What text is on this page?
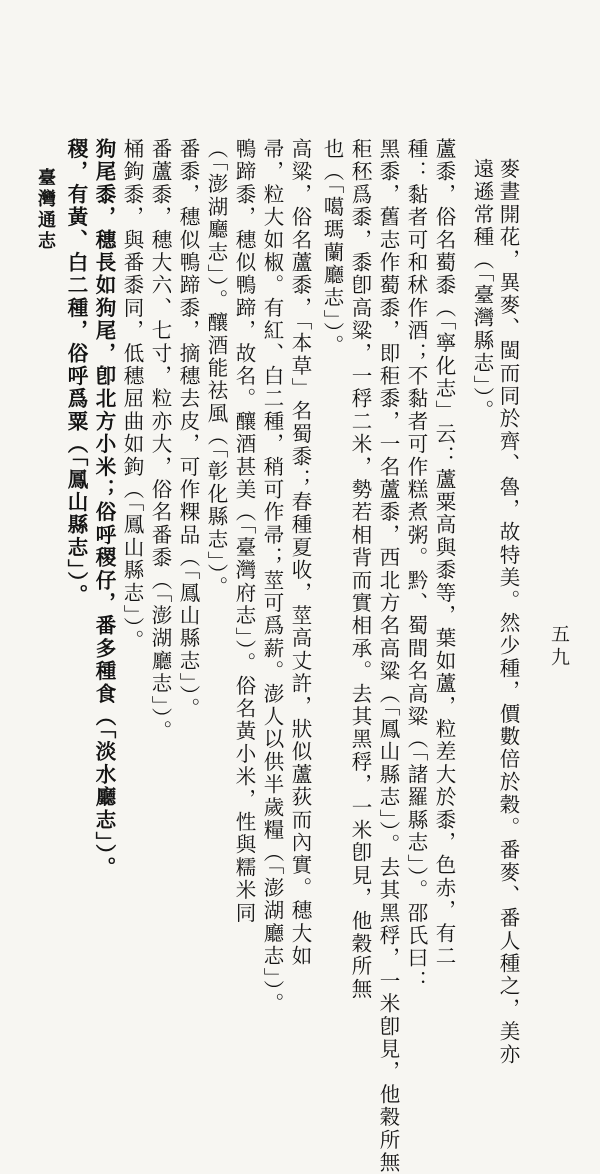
麥晝開花，異麥、閩而同於齊、魯，故特美。然少種，價數倍於穀。番麥、番人種之，美亦
遠遜常種（「臺灣縣志」）。
蘆黍，俗名薥黍（「寧化志」云：蘆粟高與黍等，葉如蘆，粒差大於黍，色赤，有二
種：黏者可和秫作酒；不黏者可作糕煮粥。黔、蜀間名高粱（「諸羅縣志」）。邵氏曰：
黑黍，舊志作薥黍，即秬黍，一名蘆黍，西北方名高粱（「鳳山縣志」）。去其黑稃，一米卽見，他穀所無
秬秠爲黍，黍卽高粱，一稃二米，勢若相背而實相承。去其黑稃，一米卽見，他穀所無
也（「噶瑪蘭廳志」）。
高粱，俗名蘆黍，「本草」名蜀黍；春種夏收，莖高丈許，狀似蘆荻而內實。穗大如
帚，粒大如椒。有紅、白二種，稍可作帚；莖可爲薪。澎人以供半歲糧（「澎湖廳志」）。
鴨蹄黍，穗似鴨蹄，故名。釀酒甚美（「臺灣府志」）。俗名黃小米，性與糯米同
（「澎湖廳志」）。釀酒能祛風（「彰化縣志」）。
番黍，穗似鴨蹄黍，摘穗去皮，可作粿品（「鳳山縣志」）。
番蘆黍，穗大六、七寸，粒亦大，俗名番黍（「澎湖廳志」）。
桶鉤黍，與番黍同，低穗屈曲如鉤（「鳳山縣志」）。
狗尾黍，穗長如狗尾，卽北方小米；俗呼稷仔，番多種食（「淡水廳志」）。
稷，有黃、白二種，俗呼爲粟（「鳳山縣志」）。
臺灣通志
五九
